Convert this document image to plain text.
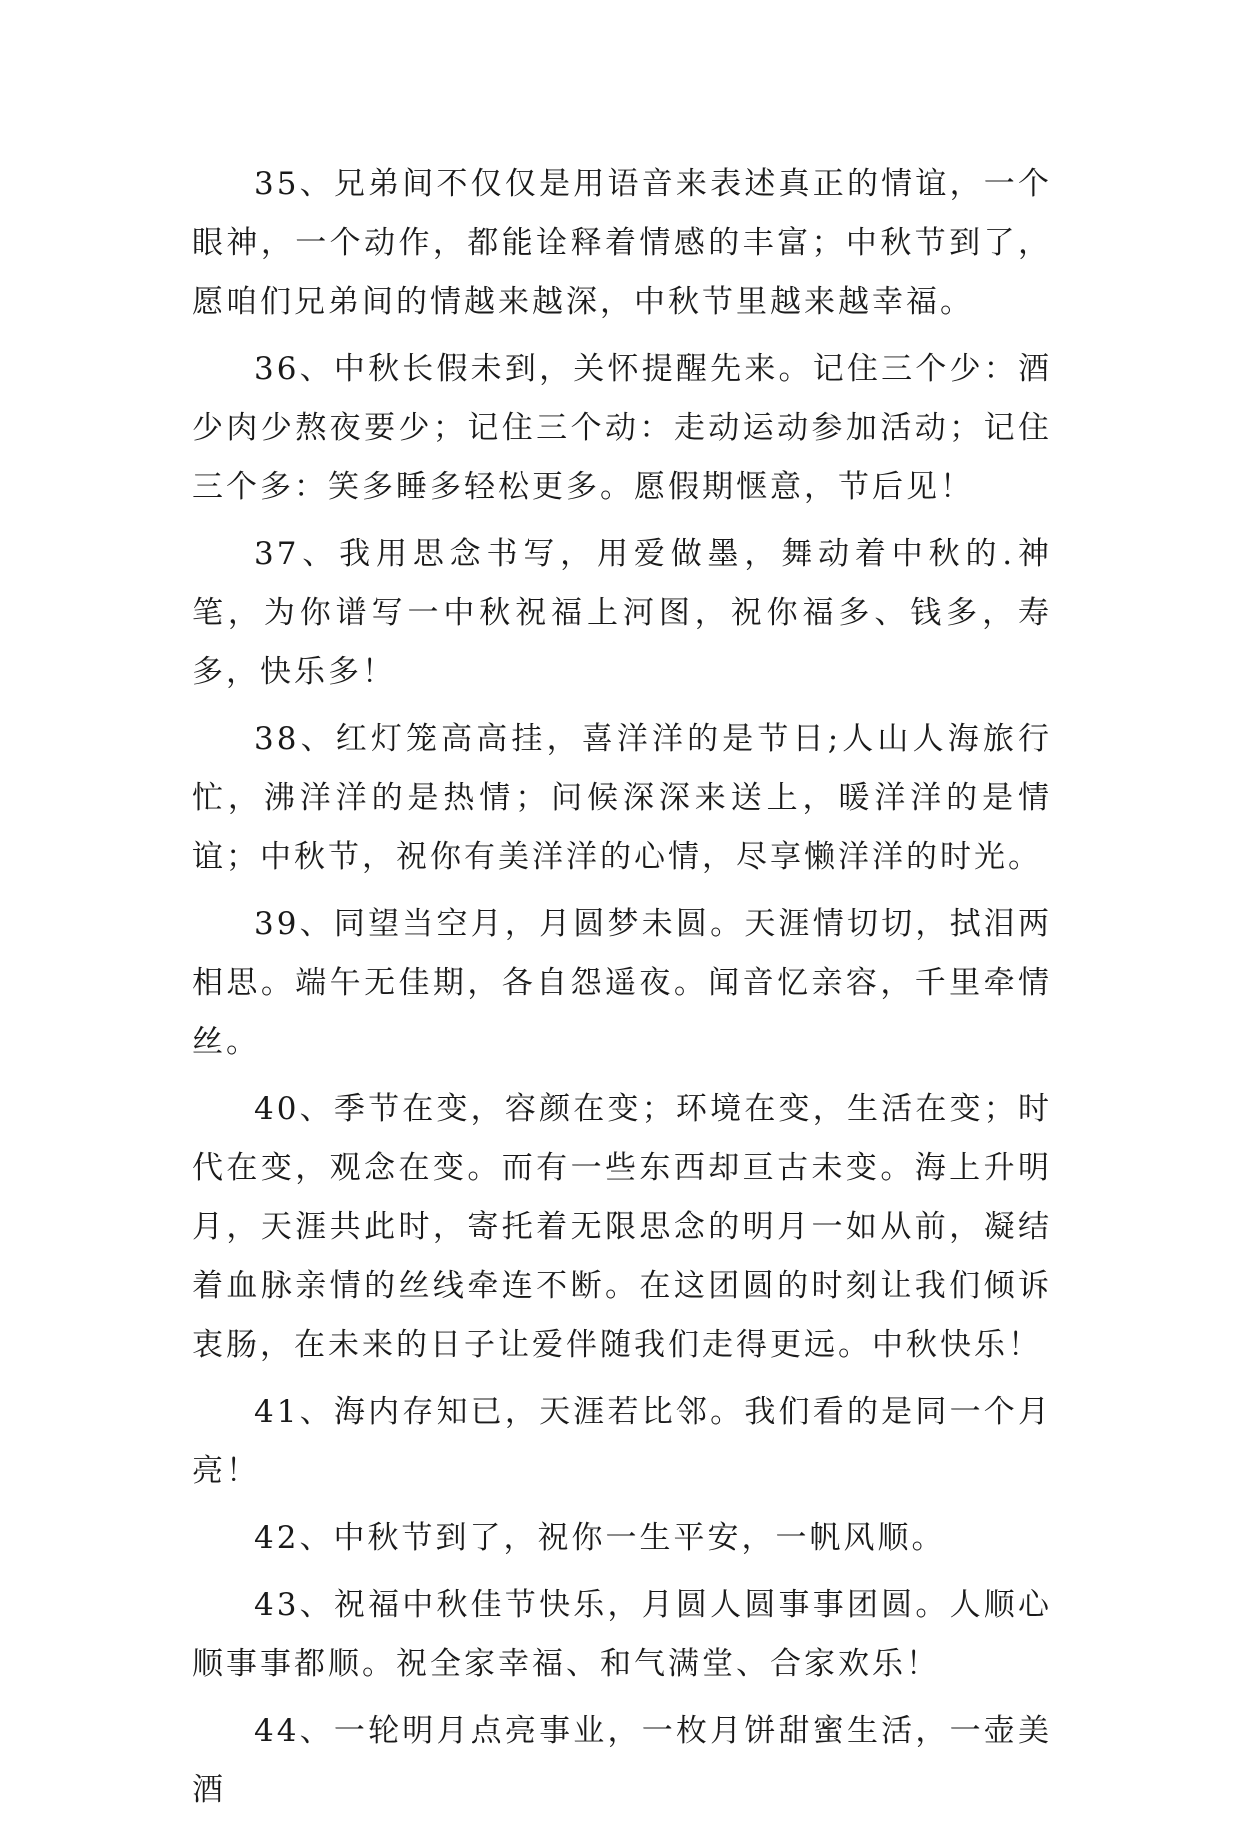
35、兄弟间不仅仅是用语音来表述真正的情谊，一个眼神，一个动作，都能诠释着情感的丰富；中秋节到了，愿咱们兄弟间的情越来越深，中秋节里越来越幸福。

36、中秋长假未到，关怀提醒先来。记住三个少：酒少肉少熬夜要少；记住三个动：走动运动参加活动；记住三个多：笑多睡多轻松更多。愿假期惬意，节后见！

37、我用思念书写，用爱做墨，舞动着中秋的.神笔，为你谱写一中秋祝福上河图，祝你福多、钱多，寿多，快乐多！

38、红灯笼高高挂，喜洋洋的是节日;人山人海旅行忙，沸洋洋的是热情；问候深深来送上，暖洋洋的是情谊；中秋节，祝你有美洋洋的心情，尽享懒洋洋的时光。

39、同望当空月，月圆梦未圆。天涯情切切，拭泪两相思。端午无佳期，各自怨遥夜。闻音忆亲容，千里牵情丝。

40、季节在变，容颜在变；环境在变，生活在变；时代在变，观念在变。而有一些东西却亘古未变。海上升明月，天涯共此时，寄托着无限思念的明月一如从前，凝结着血脉亲情的丝线牵连不断。在这团圆的时刻让我们倾诉衷肠，在未来的日子让爱伴随我们走得更远。中秋快乐！

41、海内存知已，天涯若比邻。我们看的是同一个月亮！

42、中秋节到了，祝你一生平安，一帆风顺。

43、祝福中秋佳节快乐，月圆人圆事事团圆。人顺心顺事事都顺。祝全家幸福、和气满堂、合家欢乐！

44、一轮明月点亮事业，一枚月饼甜蜜生活，一壶美酒
